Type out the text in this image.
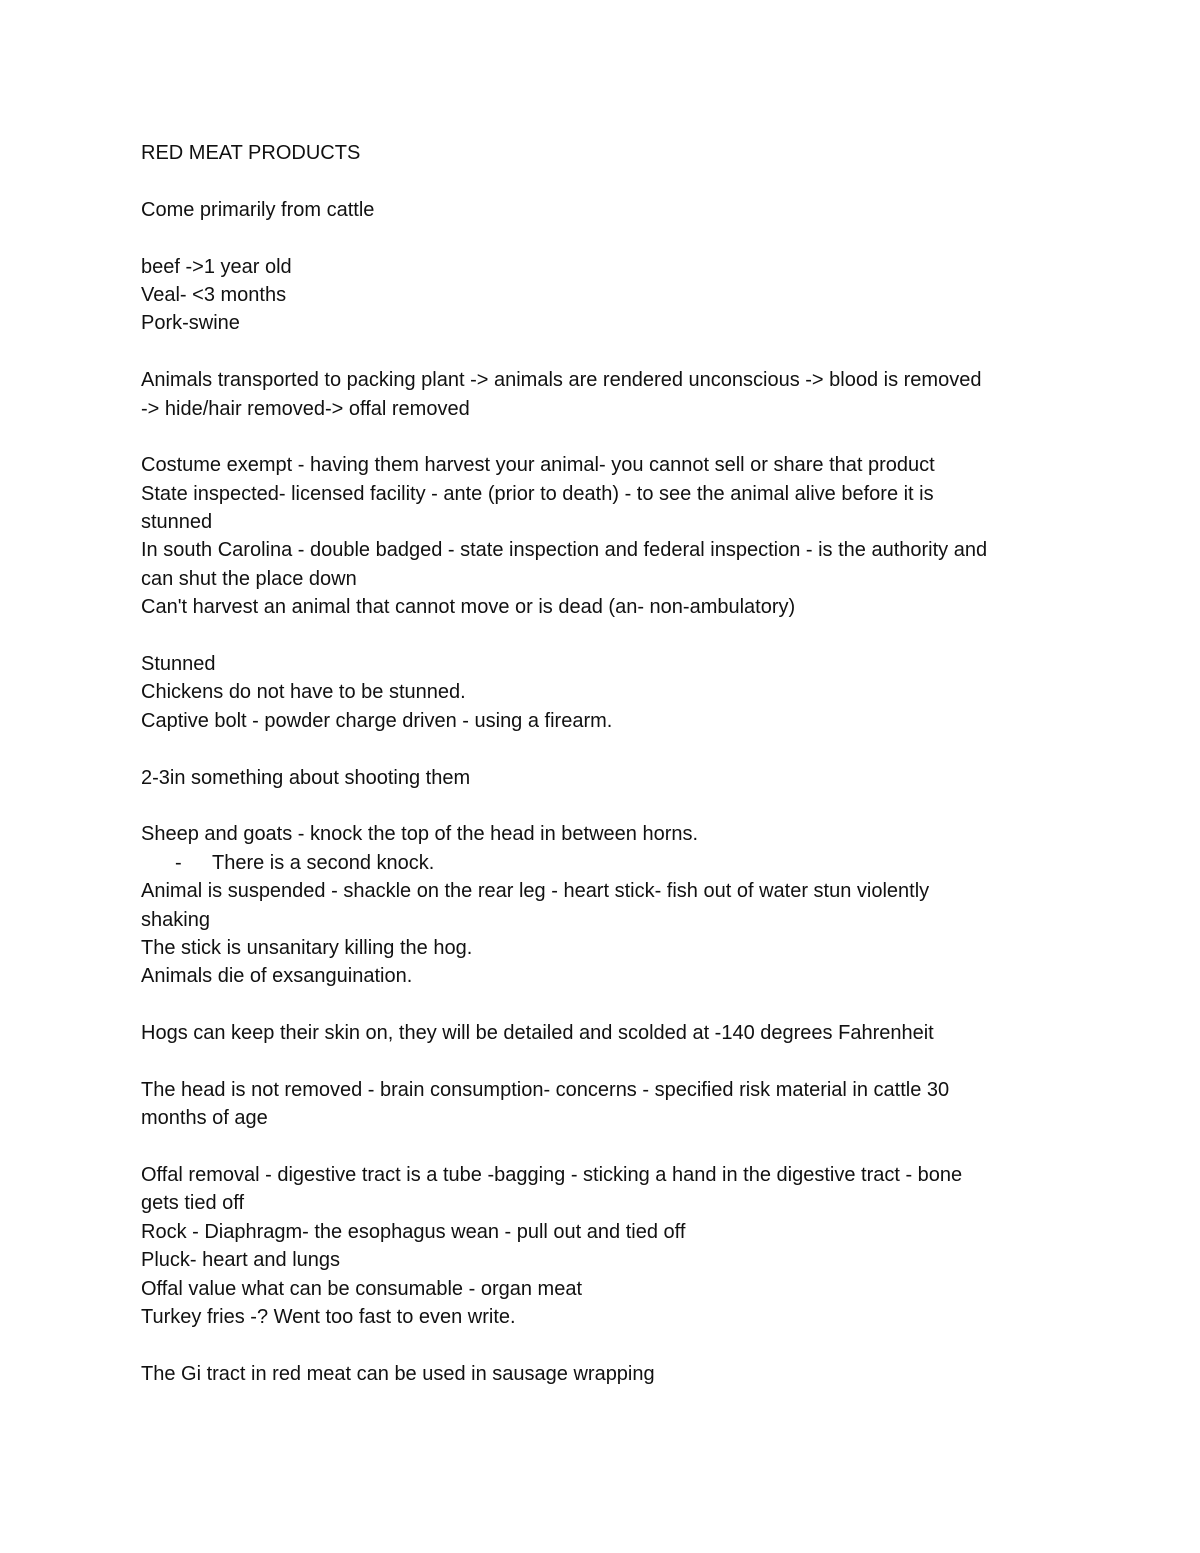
RED MEAT PRODUCTS
Come primarily from cattle
beef ->1 year old
Veal- <3 months
Pork-swine
Animals transported to packing plant -> animals are rendered unconscious -> blood is removed
-> hide/hair removed-> offal removed
Costume exempt - having them harvest your animal- you cannot sell or share that product
State inspected- licensed facility - ante (prior to death) - to see the animal alive before it is
stunned
In south Carolina - double badged - state inspection and federal inspection - is the authority and
can shut the place down
Can't harvest an animal that cannot move or is dead (an- non-ambulatory)
Stunned
Chickens do not have to be stunned.
Captive bolt - powder charge driven - using a firearm.
2-3in something about shooting them
Sheep and goats - knock the top of the head in between horns.
- There is a second knock.
Animal is suspended - shackle on the rear leg - heart stick- fish out of water stun violently
shaking
The stick is unsanitary killing the hog.
Animals die of exsanguination.
Hogs can keep their skin on, they will be detailed and scolded at -140 degrees Fahrenheit
The head is not removed - brain consumption- concerns - specified risk material in cattle 30
months of age
Offal removal - digestive tract is a tube -bagging - sticking a hand in the digestive tract - bone
gets tied off
Rock - Diaphragm- the esophagus wean - pull out and tied off
Pluck- heart and lungs
Offal value what can be consumable - organ meat
Turkey fries -? Went too fast to even write.
The Gi tract in red meat can be used in sausage wrapping
